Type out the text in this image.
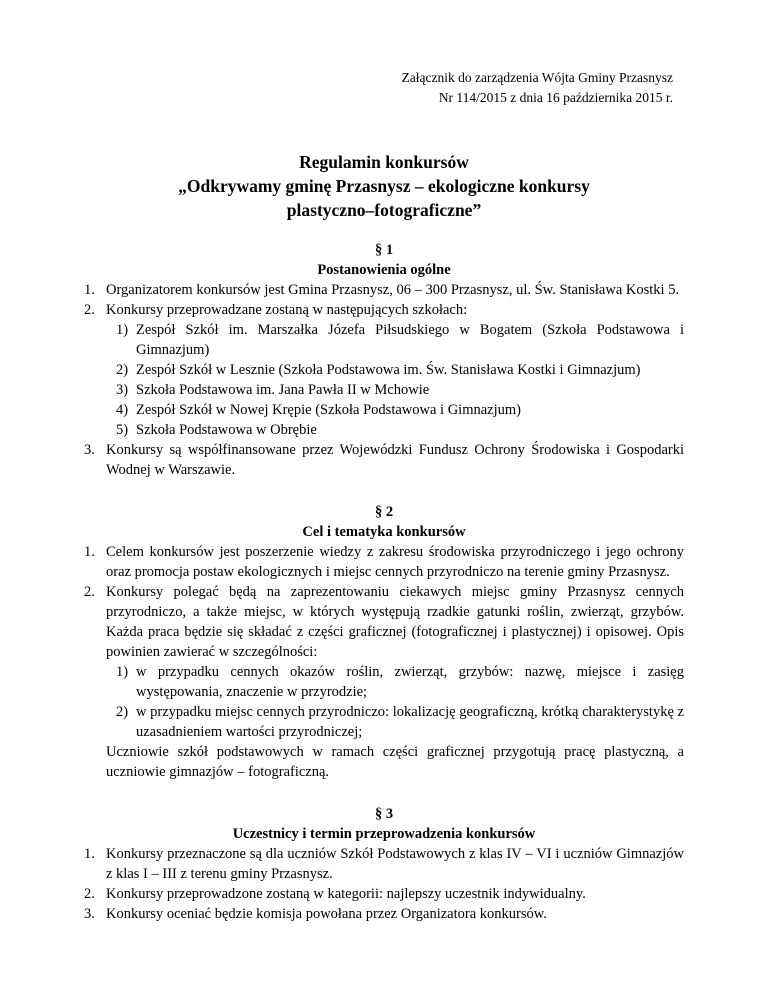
Załącznik do zarządzenia Wójta Gminy Przasnysz
Nr 114/2015 z dnia 16 października 2015 r.
Regulamin konkursów
„Odkrywamy gminę Przasnysz – ekologiczne konkursy
plastyczno–fotograficzne”

§ 1

Postanowienia ogólne

1. Organizatorem konkursów jest Gmina Przasnysz, 06 – 300 Przasnysz, ul. Św. Stanisława Kostki 5.
2. Konkursy przeprowadzane zostaną w następujących szkołach:
1) Zespół Szkół im. Marszałka Józefa Piłsudskiego w Bogatem (Szkoła Podstawowa i Gimnazjum)
2) Zespół Szkół w Lesznie (Szkoła Podstawowa im. Św. Stanisława Kostki i Gimnazjum)
3) Szkoła Podstawowa im. Jana Pawła II w Mchowie
4) Zespół Szkół w Nowej Krępie (Szkoła Podstawowa i Gimnazjum)
5) Szkoła Podstawowa w Obrębie
3. Konkursy są współfinansowane przez Wojewódzki Fundusz Ochrony Środowiska i Gospodarki Wodnej w Warszawie.

§ 2

Cel i tematyka konkursów

1. Celem konkursów jest poszerzenie wiedzy z zakresu środowiska przyrodniczego i jego ochrony oraz promocja postaw ekologicznych i miejsc cennych przyrodniczo na terenie gminy Przasnysz.
2. Konkursy polegać będą na zaprezentowaniu ciekawych miejsc gminy Przasnysz cennych przyrodniczo, a także miejsc, w których występują rzadkie gatunki roślin, zwierząt, grzybów. Każda praca będzie się składać z części graficznej (fotograficznej i plastycznej) i opisowej. Opis powinien zawierać w szczególności:
1) w przypadku cennych okazów roślin, zwierząt, grzybów: nazwę, miejsce i zasięg występowania, znaczenie w przyrodzie;
2) w przypadku miejsc cennych przyrodniczo: lokalizację geograficzną, krótką charakterystykę z uzasadnieniem wartości przyrodniczej;

Uczniowie szkół podstawowych w ramach części graficznej przygotują pracę plastyczną, a uczniowie gimnazjów – fotograficzną.

§ 3

Uczestnicy i termin przeprowadzenia konkursów

1. Konkursy przeznaczone są dla uczniów Szkół Podstawowych z klas IV – VI i uczniów Gimnazjów z klas I – III z terenu gminy Przasnysz.
2. Konkursy przeprowadzone zostaną w kategorii: najlepszy uczestnik indywidualny.
3. Konkursy oceniać będzie komisja powołana przez Organizatora konkursów.
